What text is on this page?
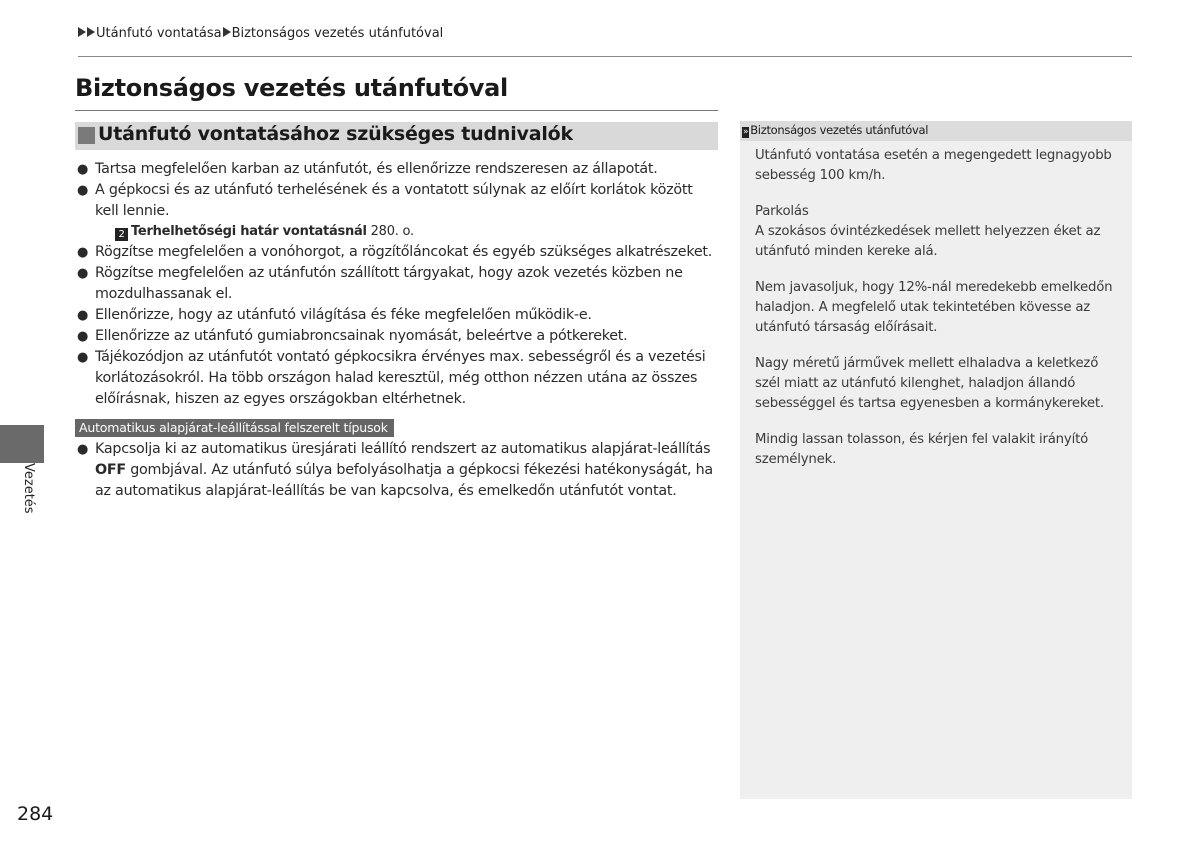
Utánfutó vontatása Biztonságos vezetés utánfutóval
Biztonságos vezetés utánfutóval
Utánfutó vontatásához szükséges tudnivalók
● Tartsa megfelelően karban az utánfutót, és ellenőrizze rendszeresen az állapotát.
● A gépkocsi és az utánfutó terhelésének és a vontatott súlynak az előírt korlátok között kell lennie.
2 Terhelhetőségi határ vontatásnál 280. o.
● Rögzítse megfelelően a vonóhorgot, a rögzítőláncokat és egyéb szükséges alkatrészeket.
● Rögzítse megfelelően az utánfutón szállított tárgyakat, hogy azok vezetés közben ne mozdulhassanak el.
● Ellenőrizze, hogy az utánfutó világítása és féke megfelelően működik-e.
● Ellenőrizze az utánfutó gumiabroncsainak nyomását, beleértve a pótkereket.
● Tájékozódjon az utánfutót vontató gépkocsikra érvényes max. sebességről és a vezetési korlátozásokról. Ha több országon halad keresztül, még otthon nézzen utána az összes előírásnak, hiszen az egyes országokban eltérhetnek.
Automatikus alapjárat-leállítással felszerelt típusok
● Kapcsolja ki az automatikus üresjárati leállító rendszert az automatikus alapjárat-leállítás OFF gombjával. Az utánfutó súlya befolyásolhatja a gépkocsi fékezési hatékonyságát, ha az automatikus alapjárat-leállítás be van kapcsolva, és emelkedőn utánfutót vontat.
» Biztonságos vezetés utánfutóval

Utánfutó vontatása esetén a megengedett legnagyobb sebesség 100 km/h.

Parkolás

A szokásos óvintézkedések mellett helyezzen éket az utánfutó minden kereke alá.

Nem javasoljuk, hogy 12%-nál meredekebb emelkedőn haladjon. A megfelelő utak tekintetében kövesse az utánfutó társaság előírásait.

Nagy méretű járművek mellett elhaladva a keletkező szél miatt az utánfutó kilenghet, haladjon állandó sebességgel és tartsa egyenesben a kormánykereket.

Mindig lassan tolasson, és kérjen fel valakit irányító személynek.

Vezetés
284
